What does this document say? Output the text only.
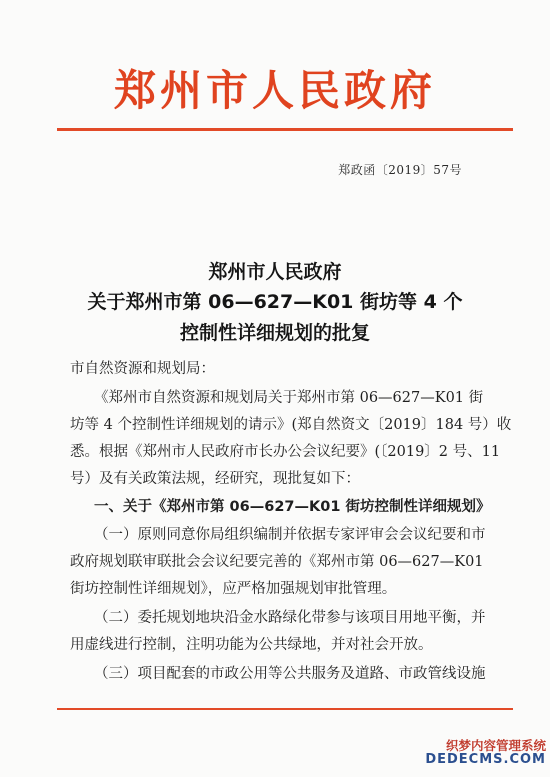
郑州市人民政府
郑政函〔2019〕57号
郑州市人民政府
关于郑州市第 06—627—K01 街坊等 4 个
控制性详细规划的批复
市自然资源和规划局：
《郑州市自然资源和规划局关于郑州市第 06—627—K01 街
坊等 4 个控制性详细规划的请示》(郑自然资文〔2019〕184 号）收
悉。根据《郑州市人民政府市长办公会议纪要》(〔2019〕2 号、11
号）及有关政策法规，经研究，现批复如下：
一、关于《郑州市第 06—627—K01 街坊控制性详细规划》
（一）原则同意你局组织编制并依据专家评审会会议纪要和市
政府规划联审联批会会议纪要完善的《郑州市第 06—627—K01
街坊控制性详细规划》，应严格加强规划审批管理。
（二）委托规划地块沿金水路绿化带参与该项目用地平衡，并
用虚线进行控制，注明功能为公共绿地，并对社会开放。
（三）项目配套的市政公用等公共服务及道路、市政管线设施
织梦内容管理系统
DEDECMS.COM
